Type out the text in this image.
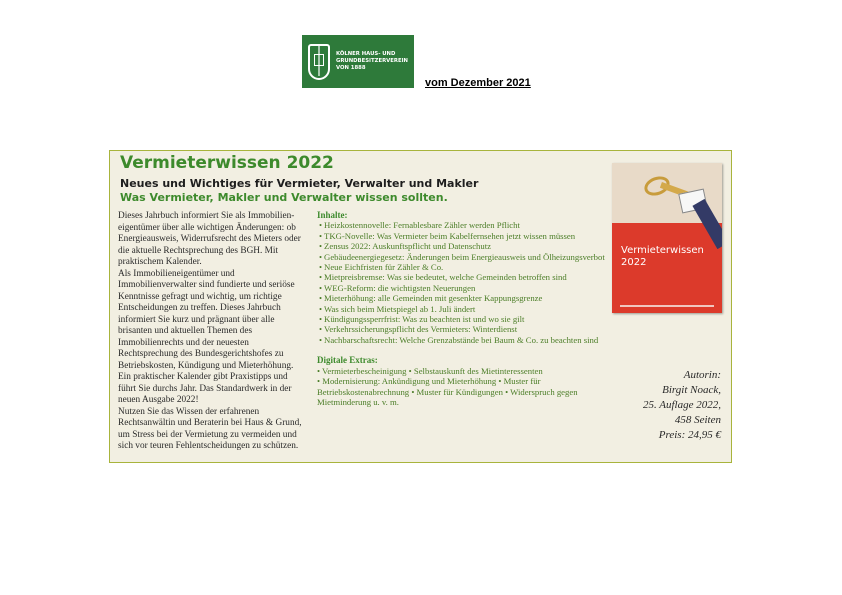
KÖLNER HAUS- UND
GRUNDBESITZERVEREIN
VON 1888
vom Dezember 2021
Vermieterwissen 2022
Neues und Wichtiges für Vermieter, Verwalter und Makler
Was Vermieter, Makler und Verwalter wissen sollten.

Dieses Jahrbuch informiert Sie als Immobilien-eigentümer über alle wichtigen Änderungen: ob Energieausweis, Widerrufsrecht des Mieters oder die aktuelle Rechtsprechung des BGH. Mit praktischem Kalender.

Als Immobilieneigentümer und Immobilienverwalter sind fundierte und seriöse Kenntnisse gefragt und wichtig, um richtige Entscheidungen zu treffen. Dieses Jahrbuch informiert Sie kurz und prägnant über alle brisanten und aktuellen Themen des Immobilienrechts und der neuesten Rechtsprechung des Bundesgerichtshofes zu Betriebskosten, Kündigung und Mieterhöhung. Ein praktischer Kalender gibt Praxistipps und führt Sie durchs Jahr. Das Standardwerk in der neuen Ausgabe 2022!

Nutzen Sie das Wissen der erfahrenen Rechtsanwältin und Beraterin bei Haus & Grund, um Stress bei der Vermietung zu vermeiden und sich vor teuren Fehlentscheidungen zu schützen.

Inhalte:
• Heizkostennovelle: Fernablesbare Zähler werden Pflicht
• TKG-Novelle: Was Vermieter beim Kabelfernsehen jetzt wissen müssen
• Zensus 2022: Auskunftspflicht und Datenschutz
• Gebäudeenergiegesetz: Änderungen beim Energieausweis und Ölheizungsverbot
• Neue Eichfristen für Zähler & Co.
• Mietpreisbremse: Was sie bedeutet, welche Gemeinden betroffen sind
• WEG-Reform: die wichtigsten Neuerungen
• Mieterhöhung: alle Gemeinden mit gesenkter Kappungsgrenze
• Was sich beim Mietspiegel ab 1. Juli ändert
• Kündigungssperrfrist: Was zu beachten ist und wo sie gilt
• Verkehrssicherungspflicht des Vermieters: Winterdienst
• Nachbarschaftsrecht: Welche Grenzabstände bei Baum & Co. zu beachten sind
Digitale Extras:

• Vermieterbescheinigung • Selbstauskunft des Mietinteressenten

• Modernisierung: Ankündigung und Mieterhöhung • Muster für Betriebskostenabrechnung • Muster für Kündigungen • Widerspruch gegen Mietminderung u. v. m.

Vermieterwissen
2022
Autorin:
Birgit Noack,
25. Auflage 2022,
458 Seiten
Preis: 24,95 €
